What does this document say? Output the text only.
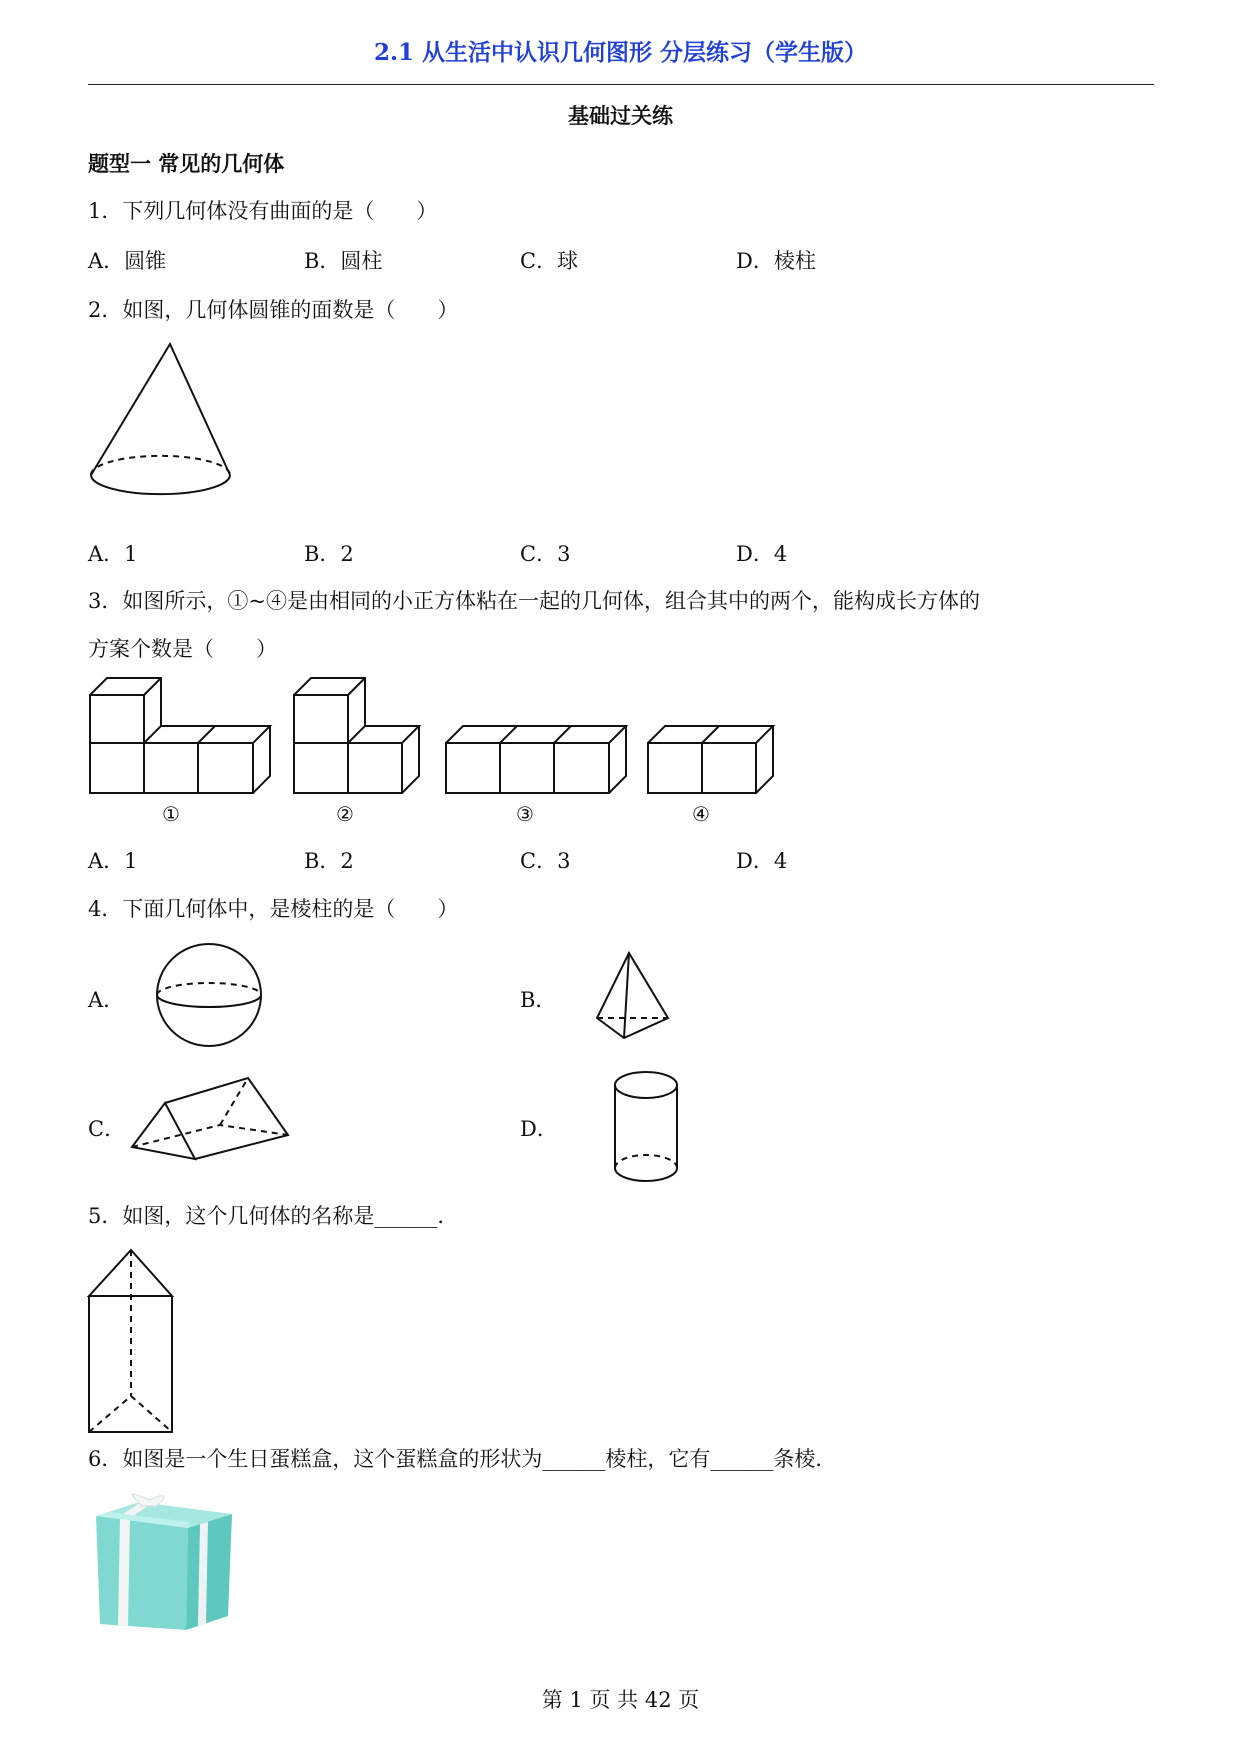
2.1 从生活中认识几何图形 分层练习（学生版）
基础过关练
题型一 常见的几何体
1．下列几何体没有曲面的是（　　）
A．圆锥	B．圆柱	C．球	D．棱柱
2．如图，几何体圆锥的面数是（　　）
A．1	B．2	C．3	D．4
3．如图所示，①~④是由相同的小正方体粘在一起的几何体，组合其中的两个，能构成长方体的
方案个数是（　　）
①	②	③	④
A．1	B．2	C．3	D．4
4．下面几何体中，是棱柱的是（　　）
A．	B．
C．	D．
5．如图，这个几何体的名称是______．
6．如图是一个生日蛋糕盒，这个蛋糕盒的形状为______棱柱，它有______条棱．
第 1 页 共 42 页
